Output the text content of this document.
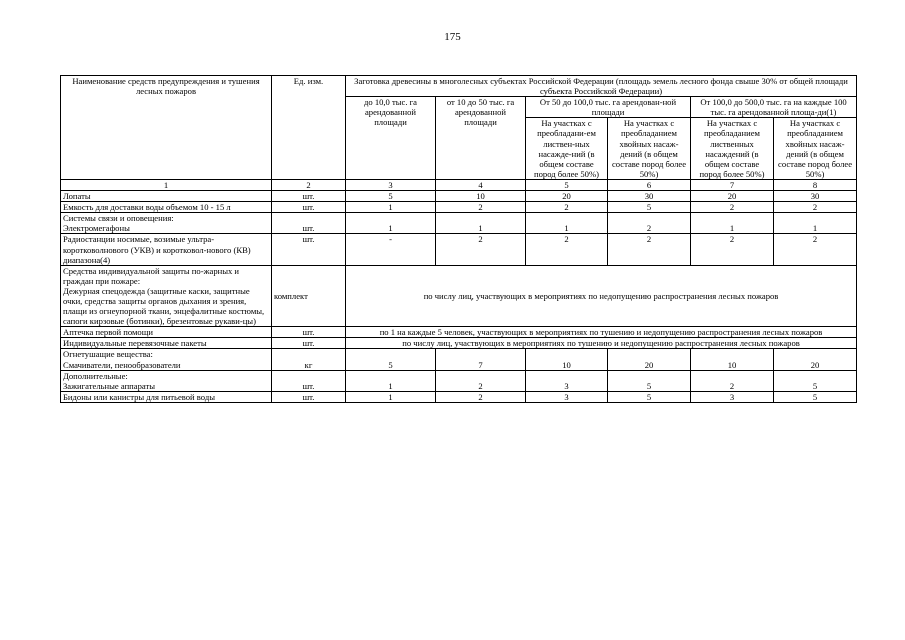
175
Наименование средств предупреждения и тушения лесных пожаров	Ед. изм.	Заготовка древесины в многолесных субъектах Российской Федерации (площадь земель лесного фонда свыше 30% от общей площади субъекта Российской Федерации)					
		до 10,0 тыс. га арендованной площади	от 10 до 50 тыс. га арендованной площади	От 50 до 100,0 тыс. га арендован-ной площади		От 100,0 до 500,0 тыс. га на каждые 100 тыс. га арендованной площа-ди(1)	
				На участках с преобладани-ем листвен-ных насажде-ний (в общем составе пород более 50%)	На участках с преобладанием хвойных насаж-дений (в общем составе пород более 50%)	На участках с преобладанием лиственных насаждений (в общем составе пород более 50%)	На участках с преобладанием хвойных насаж-дений (в общем составе пород более 50%)
1	2	3	4	5	6	7	8
Лопаты	шт.	5	10	20	30	20	30
Емкость для доставки воды объемом 10 - 15 л	шт.	1	2	2	5	2	2

Системы связи и оповещения:
Электромегафоны	шт.	1	1	1	2	1	1

Радиостанции носимые, возимые ультра-коротковолнового (УКВ) и коротковол-нового (КВ) диапазона(4)	шт.	-	2	2	2	2	2

Средства индивидуальной защиты по-жарных и граждан при пожаре:
Дежурная спецодежда (защитные каски, защитные очки, средства защиты органов дыхания и зрения, плащи из огнеупорной ткани, энцефалитные костюмы, сапоги кирзовые (ботинки), брезентовые рукави-цы)	комплект	по числу лиц, участвующих в мероприятиях по недопущению распространения лесных пожаров					
Аптечка первой помощи	шт.	по 1 на каждые 5 человек, участвующих в мероприятиях по тушению и недопущению распространения лесных пожаров					
Индивидуальные перевязочные пакеты	шт.	по числу лиц, участвующих в мероприятиях по тушению и недопущению распространения лесных пожаров					

Огнетушащие вещества:
Смачиватели, пенообразователи	кг	5	7	10	20	10	20

Дополнительные:
Зажигательные аппараты	шт.	1	2	3	5	2	5

Бидоны или канистры для питьевой воды	шт.	1	2	3	5	3	5
